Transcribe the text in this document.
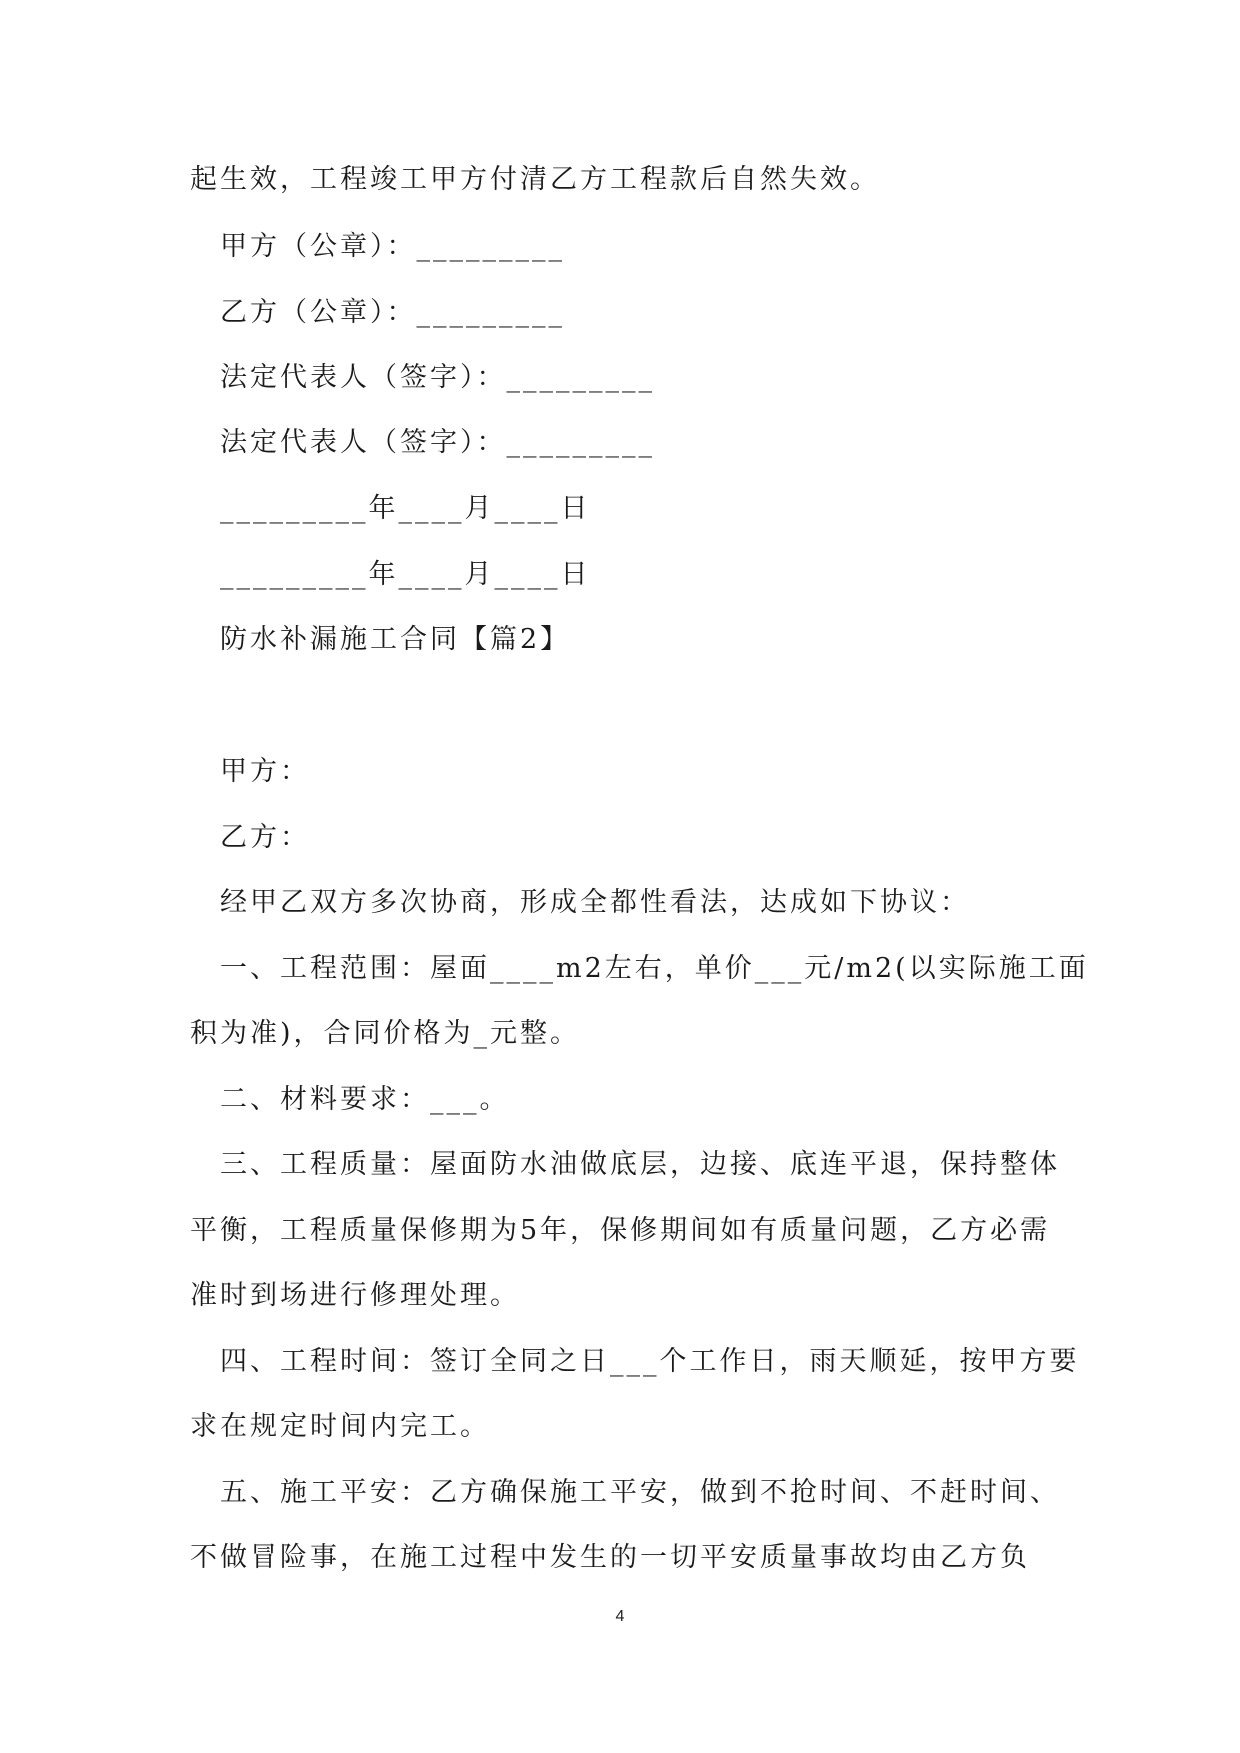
起生效，工程竣工甲方付清乙方工程款后自然失效。
甲方（公章）：_________
乙方（公章）：_________
法定代表人（签字）：_________
法定代表人（签字）：_________
_________年____月____日
_________年____月____日
防水补漏施工合同【篇2】
甲方：
乙方：
经甲乙双方多次协商，形成全都性看法，达成如下协议：
一、工程范围：屋面____m2左右，单价___元/m2(以实际施工面
积为准)，合同价格为_元整。
二、材料要求：___。
三、工程质量：屋面防水油做底层，边接、底连平退，保持整体
平衡，工程质量保修期为5年，保修期间如有质量问题，乙方必需
准时到场进行修理处理。
四、工程时间：签订全同之日___个工作日，雨天顺延，按甲方要
求在规定时间内完工。
五、施工平安：乙方确保施工平安，做到不抢时间、不赶时间、
不做冒险事，在施工过程中发生的一切平安质量事故均由乙方负
4
